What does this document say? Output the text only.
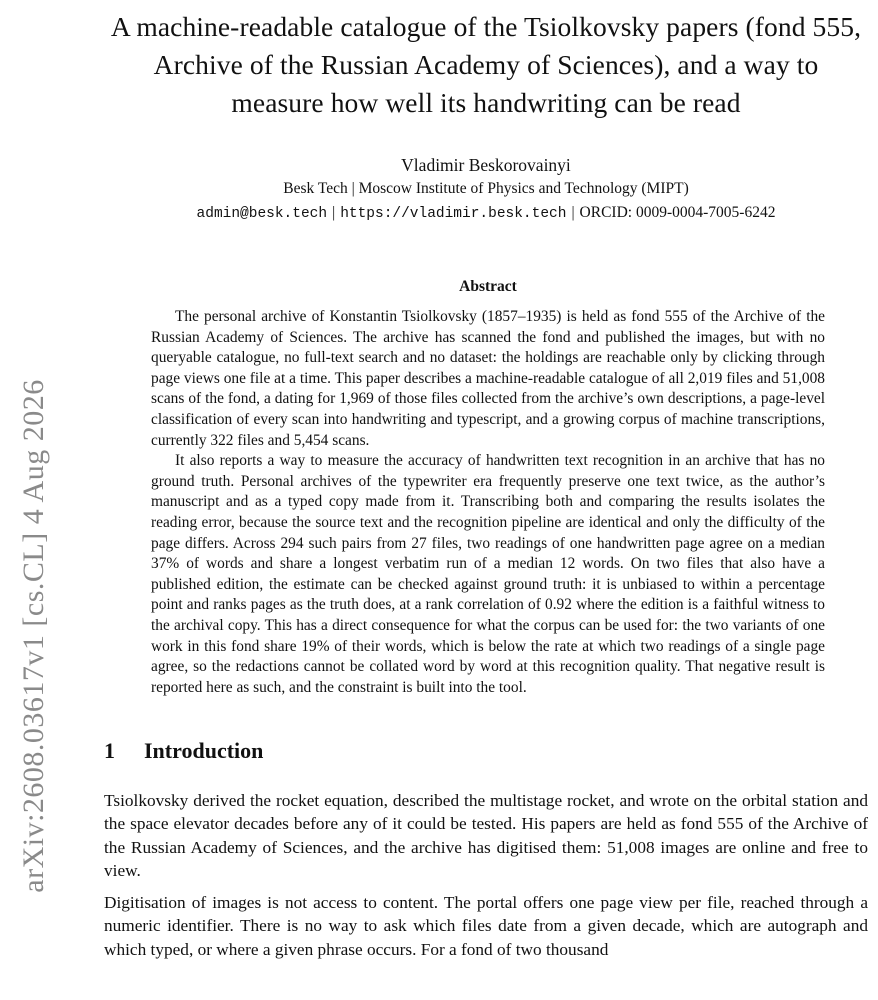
arXiv:2608.03617v1 [cs.CL] 4 Aug 2026
A machine-readable catalogue of the Tsiolkovsky papers (fond 555, Archive of the Russian Academy of Sciences), and a way to measure how well its handwriting can be read
Vladimir Beskorovainyi
Besk Tech | Moscow Institute of Physics and Technology (MIPT)
admin@besk.tech | https://vladimir.besk.tech | ORCID: 0009-0004-7005-6242
Abstract

The personal archive of Konstantin Tsiolkovsky (1857–1935) is held as fond 555 of the Archive of the Russian Academy of Sciences. The archive has scanned the fond and published the images, but with no queryable catalogue, no full-text search and no dataset: the holdings are reachable only by clicking through page views one file at a time. This paper describes a machine-readable catalogue of all 2,019 files and 51,008 scans of the fond, a dating for 1,969 of those files collected from the archive’s own descriptions, a page-level classification of every scan into handwriting and typescript, and a growing corpus of machine transcriptions, currently 322 files and 5,454 scans.

It also reports a way to measure the accuracy of handwritten text recognition in an archive that has no ground truth. Personal archives of the typewriter era frequently preserve one text twice, as the author’s manuscript and as a typed copy made from it. Transcribing both and comparing the results isolates the reading error, because the source text and the recognition pipeline are identical and only the difficulty of the page differs. Across 294 such pairs from 27 files, two readings of one handwritten page agree on a median 37% of words and share a longest verbatim run of a median 12 words. On two files that also have a published edition, the estimate can be checked against ground truth: it is unbiased to within a percentage point and ranks pages as the truth does, at a rank correlation of 0.92 where the edition is a faithful witness to the archival copy. This has a direct consequence for what the corpus can be used for: the two variants of one work in this fond share 19% of their words, which is below the rate at which two readings of a single page agree, so the redactions cannot be collated word by word at this recognition quality. That negative result is reported here as such, and the constraint is built into the tool.

1 Introduction

Tsiolkovsky derived the rocket equation, described the multistage rocket, and wrote on the orbital station and the space elevator decades before any of it could be tested. His papers are held as fond 555 of the Archive of the Russian Academy of Sciences, and the archive has digitised them: 51,008 images are online and free to view.

Digitisation of images is not access to content. The portal offers one page view per file, reached through a numeric identifier. There is no way to ask which files date from a given decade, which are autograph and which typed, or where a given phrase occurs. For a fond of two thousand
